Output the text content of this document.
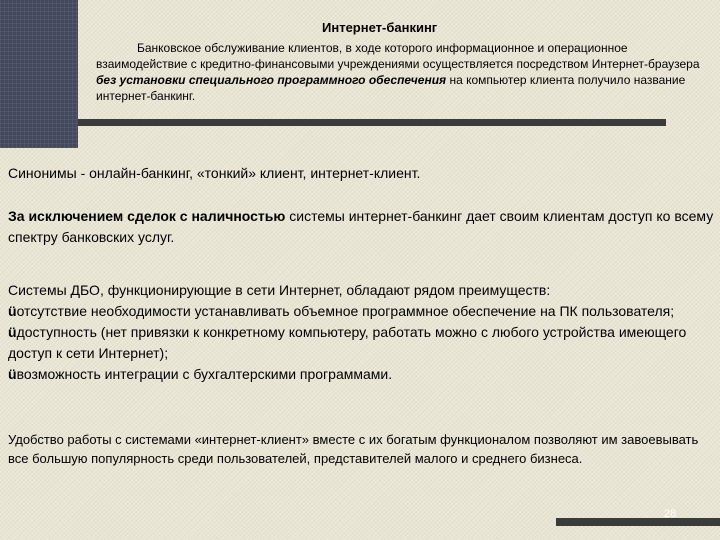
Интернет-банкинг

Банковское обслуживание клиентов, в ходе которого информационное и операционное взаимодействие с кредитно-финансовыми учреждениями осуществляется посредством Интернет-браузера без установки специального программного обеспечения на компьютер клиента получило название интернет-банкинг.

Синонимы - онлайн-банкинг, «тонкий» клиент, интернет-клиент.

За исключением сделок с наличностью системы интернет-банкинг дает своим клиентам доступ ко всему спектру банковских услуг.

Системы ДБО, функционирующие в сети Интернет, обладают рядом преимуществ:
üотсутствие необходимости устанавливать объемное программное обеспечение на ПК пользователя;
üдоступность (нет привязки к конкретному компьютеру, работать можно с любого устройства имеющего доступ к сети Интернет);
üвозможность интеграции с бухгалтерскими программами.

Удобство работы с системами «интернет-клиент» вместе с их богатым функционалом позволяют им завоевывать все большую популярность среди пользователей, представителей малого и среднего бизнеса.

28
